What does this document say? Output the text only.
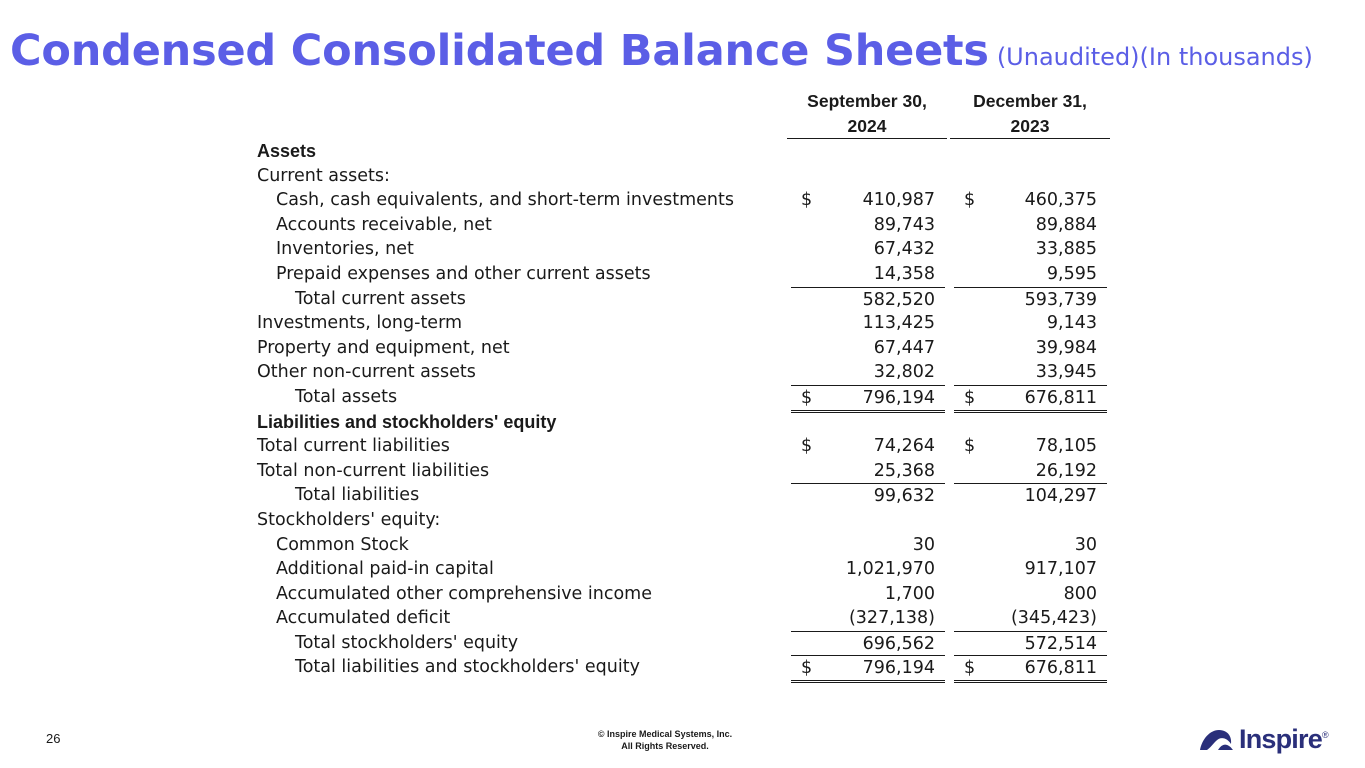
Condensed Consolidated Balance Sheets (Unaudited)(In thousands)
September 30,
2024
December 31,
2023
Assets
Current assets:
Cash, cash equivalents, and short-term investments	$	410,987 $	460,375
Accounts receivable, net	89,743	89,884
Inventories, net	67,432	33,885
Prepaid expenses and other current assets	14,358	9,595
Total current assets	582,520	593,739
Investments, long-term	113,425	9,143
Property and equipment, net	67,447	39,984
Other non-current assets	32,802	33,945
Total assets	$	796,194 $	676,811
Liabilities and stockholders' equity
Total current liabilities	$	74,264 $	78,105
Total non-current liabilities	25,368	26,192
Total liabilities	99,632	104,297
Stockholders' equity:
Common Stock	30	30
Additional paid-in capital	1,021,970	917,107
Accumulated other comprehensive income	1,700	800
Accumulated deficit	(327,138)	(345,423)
Total stockholders' equity	696,562	572,514
Total liabilities and stockholders' equity	$	796,194 $	676,811
26	© Inspire Medical Systems, Inc.
All Rights Reserved.	Inspire®
